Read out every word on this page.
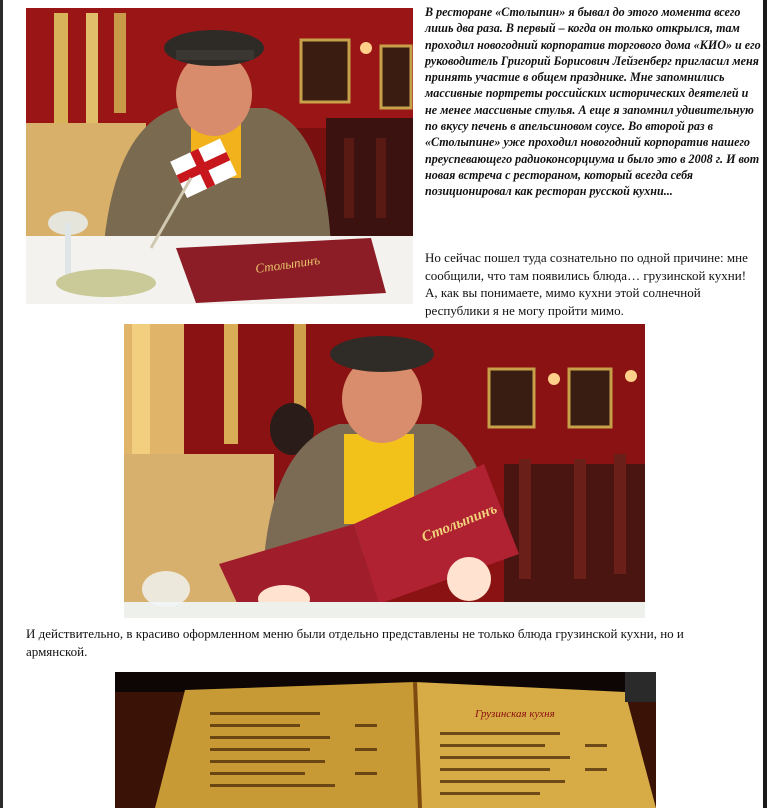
Столыпинъ

В ресторане «Столыпин» я бывал до этого момента всего лишь два раза. В первый – когда он только открылся, там проходил новогодний корпоратив торгового дома «КИО» и его руководитель Григорий Борисович Лейзенберг пригласил меня принять участие в общем празднике. Мне запомнились массивные портреты российских исторических деятелей и не менее массивные стулья. А еще я запомнил удивительную по вкусу печень в апельсиновом соусе. Во второй раз в «Столыпине» уже проходил новогодний корпоратив нашего преуспевающего радиоконсорциума и было это в 2008 г. И вот новая встреча с рестораном, который всегда себя позиционировал как ресторан русской кухни...

Но сейчас пошел туда сознательно по одной причине: мне сообщили, что там появились блюда… грузинской кухни! А, как вы понимаете, мимо кухни этой солнечной республики я не могу пройти мимо.

Столыпинъ

И действительно, в красиво оформленном меню были отдельно представлены не только блюда грузинской кухни, но и армянской.

Грузинская кухня
